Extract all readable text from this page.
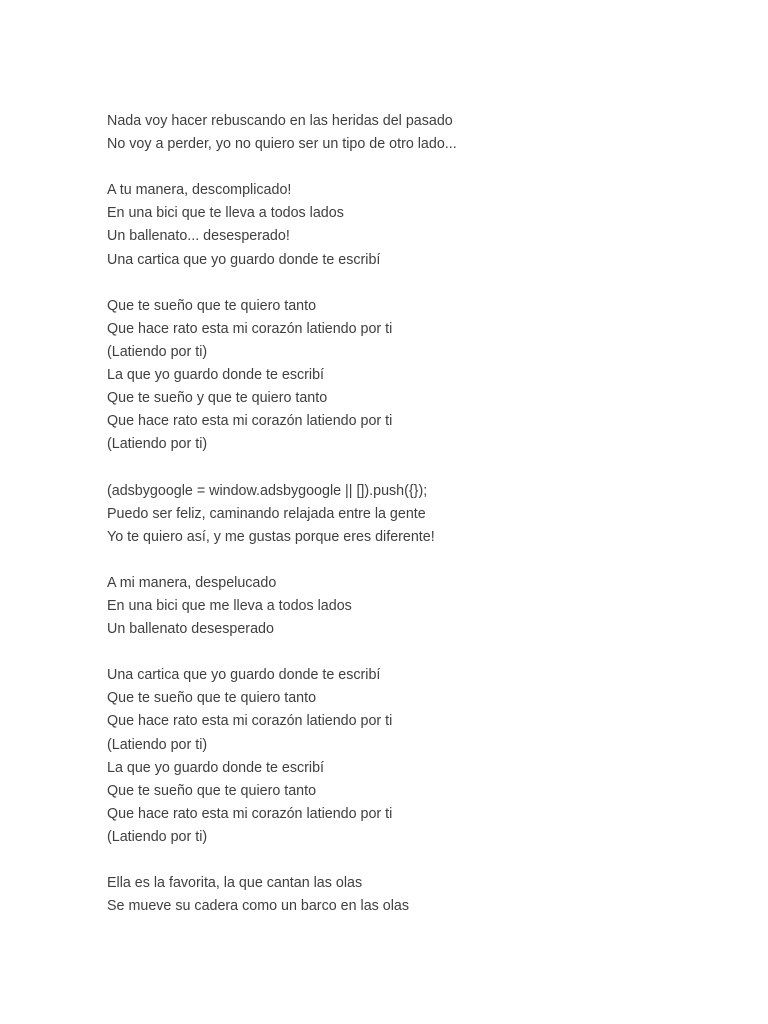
Nada voy hacer rebuscando en las heridas del pasado
No voy a perder, yo no quiero ser un tipo de otro lado...
A tu manera, descomplicado!
En una bici que te lleva a todos lados
Un ballenato... desesperado!
Una cartica que yo guardo donde te escribí
Que te sueño que te quiero tanto
Que hace rato esta mi corazón latiendo por ti
(Latiendo por ti)
La que yo guardo donde te escribí
Que te sueño y que te quiero tanto
Que hace rato esta mi corazón latiendo por ti
(Latiendo por ti)
(adsbygoogle = window.adsbygoogle || []).push({});
Puedo ser feliz, caminando relajada entre la gente
Yo te quiero así, y me gustas porque eres diferente!
A mi manera, despelucado
En una bici que me lleva a todos lados
Un ballenato desesperado
Una cartica que yo guardo donde te escribí
Que te sueño que te quiero tanto
Que hace rato esta mi corazón latiendo por ti
(Latiendo por ti)
La que yo guardo donde te escribí
Que te sueño que te quiero tanto
Que hace rato esta mi corazón latiendo por ti
(Latiendo por ti)
Ella es la favorita, la que cantan las olas
Se mueve su cadera como un barco en las olas
